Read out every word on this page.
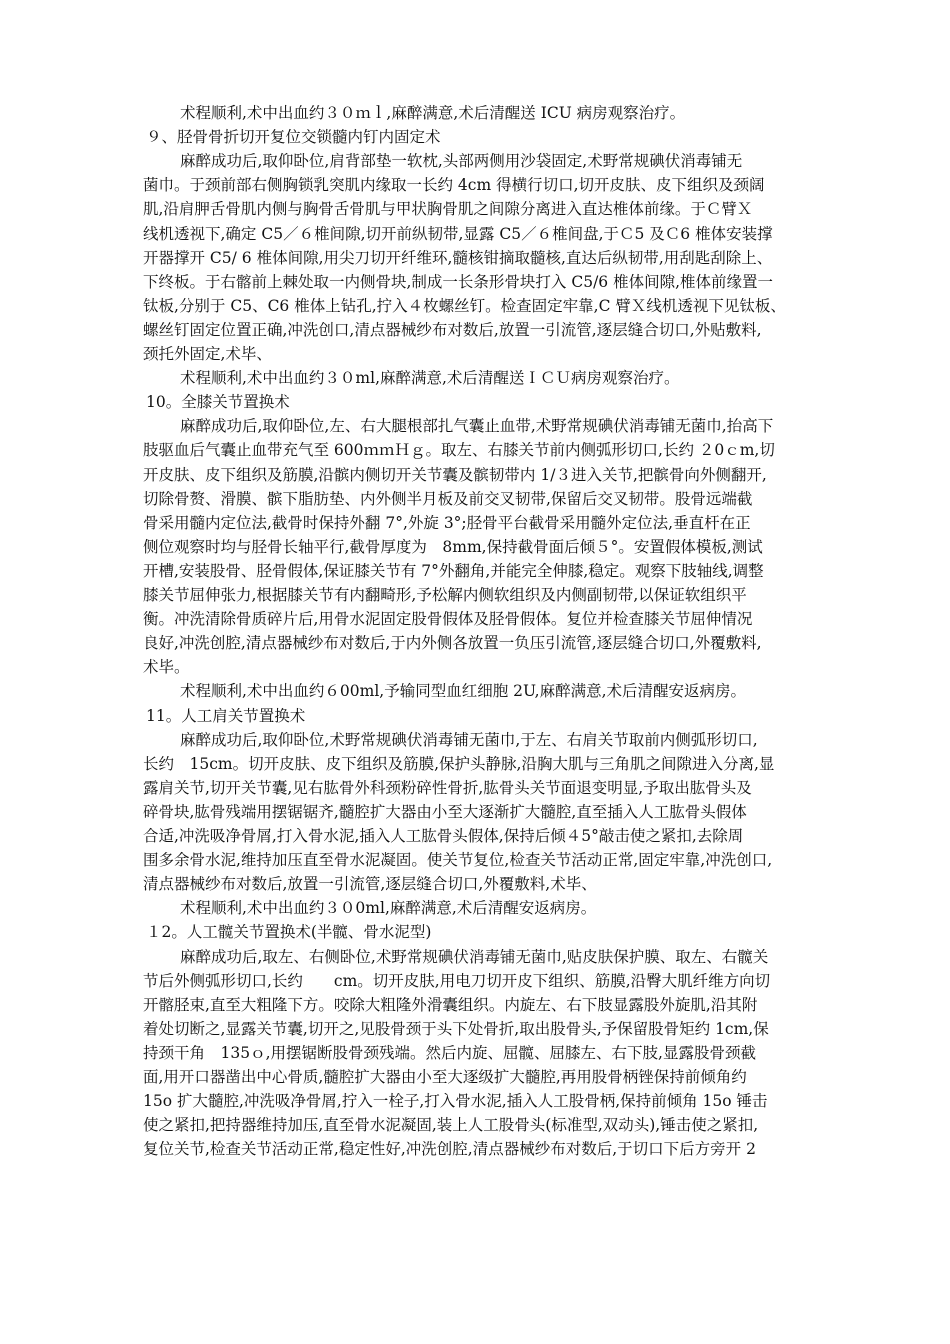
术程顺利,术中出血约３０ｍｌ,麻醉满意,术后清醒送 ICU 病房观察治疗。
９、胫骨骨折切开复位交锁髓内钉内固定术
麻醉成功后,取仰卧位,肩背部垫一软枕,头部两侧用沙袋固定,术野常规碘伏消毒铺无
菌巾。于颈前部右侧胸锁乳突肌内缘取一长约 4cm 得横行切口,切开皮肤、皮下组织及颈阔
肌,沿肩胛舌骨肌内侧与胸骨舌骨肌与甲状胸骨肌之间隙分离进入直达椎体前缘。于Ｃ臂Ｘ
线机透视下,确定 C5／６椎间隙,切开前纵韧带,显露 C5／６椎间盘,于Ｃ5 及Ｃ6 椎体安装撑
开器撑开 C5/ 6 椎体间隙,用尖刀切开纤维环,髓核钳摘取髓核,直达后纵韧带,用刮匙刮除上、
下终板。于右髂前上棘处取一内侧骨块,制成一长条形骨块打入 C5/6 椎体间隙,椎体前缘置一
钛板,分别于 C5、C6 椎体上钻孔,拧入４枚螺丝钉。检查固定牢靠,C 臂Ｘ线机透视下见钛板、
螺丝钉固定位置正确,冲洗创口,清点器械纱布对数后,放置一引流管,逐层缝合切口,外贴敷料,
颈托外固定,术毕、
术程顺利,术中出血约３０ml,麻醉满意,术后清醒送ＩＣＵ病房观察治疗。
10。全膝关节置换术
麻醉成功后,取仰卧位,左、右大腿根部扎气囊止血带,术野常规碘伏消毒铺无菌巾,抬高下
肢驱血后气囊止血带充气至 600ｍｍＨｇ。取左、右膝关节前内侧弧形切口,长约 ２0ｃm,切
开皮肤、皮下组织及筋膜,沿髌内侧切开关节囊及髌韧带内 1/３进入关节,把髌骨向外侧翻开,
切除骨赘、滑膜、髌下脂肪垫、内外侧半月板及前交叉韧带,保留后交叉韧带。股骨远端截
骨采用髓内定位法,截骨时保持外翻 7°,外旋 3°;胫骨平台截骨采用髓外定位法,垂直杆在正
侧位观察时均与胫骨长轴平行,截骨厚度为　8mm,保持截骨面后倾５°。安置假体模板,测试
开槽,安装股骨、胫骨假体,保证膝关节有 7°外翻角,并能完全伸膝,稳定。观察下肢轴线,调整
膝关节屈伸张力,根据膝关节有内翻畸形,予松解内侧软组织及内侧副韧带,以保证软组织平
衡。冲洗清除骨质碎片后,用骨水泥固定股骨假体及胫骨假体。复位并检查膝关节屈伸情况
良好,冲洗创腔,清点器械纱布对数后,于内外侧各放置一负压引流管,逐层缝合切口,外覆敷料,
术毕。
术程顺利,术中出血约６00ml,予输同型血红细胞 2U,麻醉满意,术后清醒安返病房。
11。人工肩关节置换术
麻醉成功后,取仰卧位,术野常规碘伏消毒铺无菌巾,于左、右肩关节取前内侧弧形切口,
长约　15cm。切开皮肤、皮下组织及筋膜,保护头静脉,沿胸大肌与三角肌之间隙进入分离,显
露肩关节,切开关节囊,见右肱骨外科颈粉碎性骨折,肱骨头关节面退变明显,予取出肱骨头及
碎骨块,肱骨残端用摆锯锯齐,髓腔扩大器由小至大逐渐扩大髓腔,直至插入人工肱骨头假体
合适,冲洗吸净骨屑,打入骨水泥,插入人工肱骨头假体,保持后倾４5°敲击使之紧扣,去除周
围多余骨水泥,维持加压直至骨水泥凝固。使关节复位,检查关节活动正常,固定牢靠,冲洗创口,
清点器械纱布对数后,放置一引流管,逐层缝合切口,外覆敷料,术毕、
术程顺利,术中出血约３０0ml,麻醉满意,术后清醒安返病房。
１2。人工髋关节置换术(半髋、骨水泥型)
麻醉成功后,取左、右侧卧位,术野常规碘伏消毒铺无菌巾,贴皮肤保护膜、取左、右髋关
节后外侧弧形切口,长约　　cm。切开皮肤,用电刀切开皮下组织、筋膜,沿臀大肌纤维方向切
开髂胫束,直至大粗隆下方。咬除大粗隆外滑囊组织。内旋左、右下肢显露股外旋肌,沿其附
着处切断之,显露关节囊,切开之,见股骨颈于头下处骨折,取出股骨头,予保留股骨矩约 1cm,保
持颈干角　135ｏ,用摆锯断股骨颈残端。然后内旋、屈髋、屈膝左、右下肢,显露股骨颈截
面,用开口器凿出中心骨质,髓腔扩大器由小至大逐级扩大髓腔,再用股骨柄锉保持前倾角约
15o 扩大髓腔,冲洗吸净骨屑,拧入一栓子,打入骨水泥,插入人工股骨柄,保持前倾角 15o 锤击
使之紧扣,把持器维持加压,直至骨水泥凝固,装上人工股骨头(标准型,双动头),锤击使之紧扣,
复位关节,检查关节活动正常,稳定性好,冲洗创腔,清点器械纱布对数后,于切口下后方旁开 2
